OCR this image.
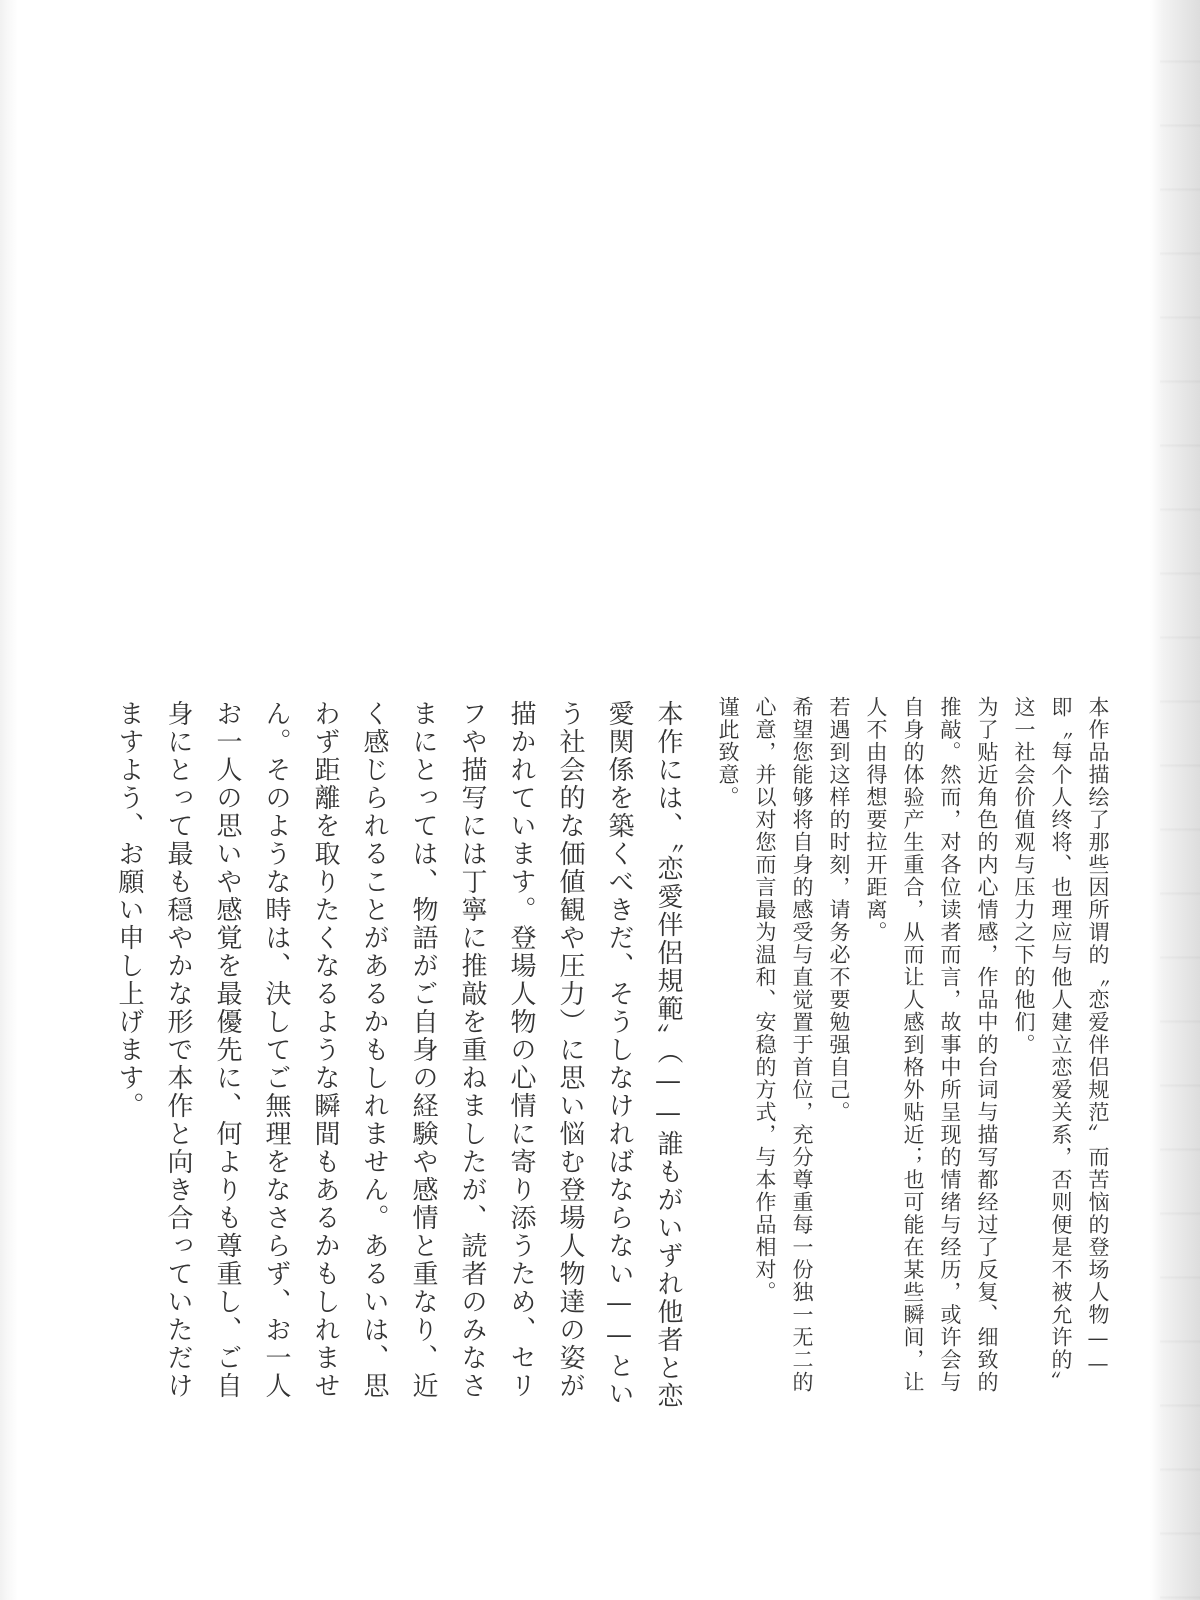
本作品描绘了那些因所谓的〝恋爱伴侣规范〞而苦恼的登场人物——即〝每个人终将、也理应与他人建立恋爱关系，否则便是不被允许的〞这一社会价值观与压力之下的他们。

为了贴近角色的内心情感，作品中的台词与描写都经过了反复、细致的推敲。然而，对各位读者而言，故事中所呈现的情绪与经历，或许会与自身的体验产生重合，从而让人感到格外贴近；也可能在某些瞬间，让人不由得想要拉开距离。

若遇到这样的时刻，请务必不要勉强自己。

希望您能够将自身的感受与直觉置于首位，充分尊重每一份独一无二的心意，并以对您而言最为温和、安稳的方式，与本作品相对。

谨此致意。

本作には、〝恋愛伴侶規範〞（——誰もがいずれ他者と恋愛関係を築くべきだ、そうしなければならない——という社会的な価値観や圧力）に思い悩む登場人物達の姿が描かれています。登場人物の心情に寄り添うため、セリフや描写には丁寧に推敲を重ねましたが、読者のみなさまにとっては、物語がご自身の経験や感情と重なり、近く感じられることがあるかもしれません。あるいは、思わず距離を取りたくなるような瞬間もあるかもしれません。そのような時は、決してご無理をなさらず、お一人お一人の思いや感覚を最優先に、何よりも尊重し、ご自身にとって最も穏やかな形で本作と向き合っていただけますよう、お願い申し上げます。
